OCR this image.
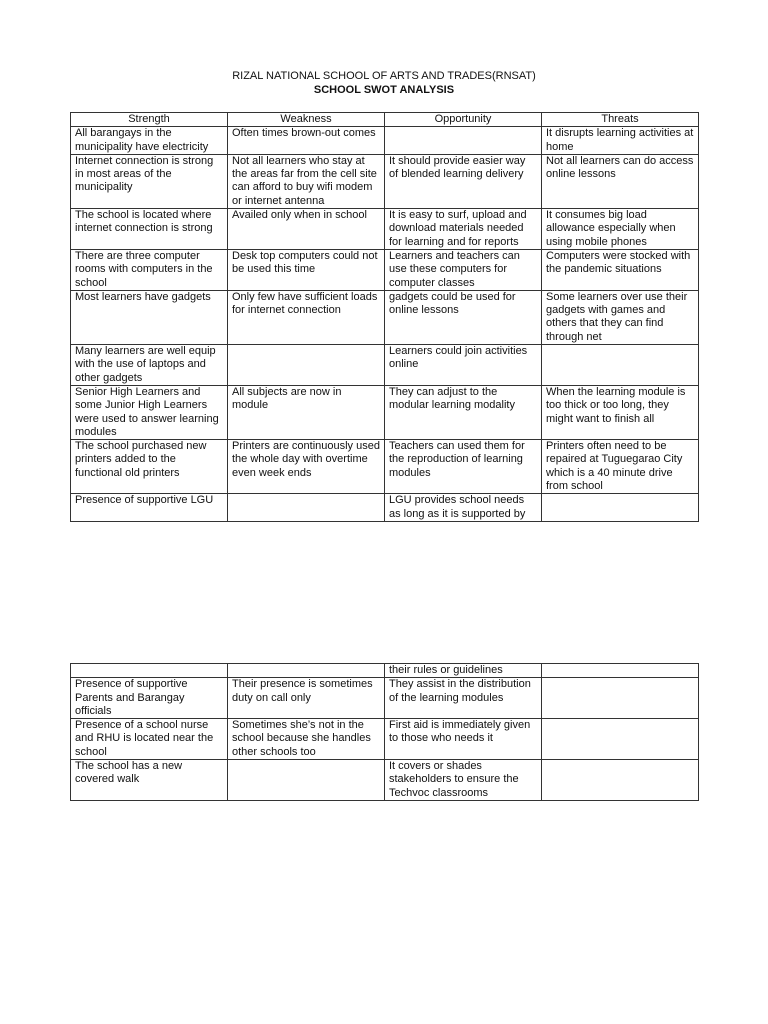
RIZAL NATIONAL SCHOOL OF ARTS AND TRADES(RNSAT)
SCHOOL SWOT ANALYSIS
Strength	Weakness	Opportunity	Threats
All barangays in the municipality have electricity	Often times brown-out comes		It disrupts learning activities at home
Internet connection is strong in most areas of the municipality	Not all learners who stay at the areas far from the cell site can afford to buy wifi modem or internet antenna	It should provide easier way of blended learning delivery	Not all learners can do access online lessons
The school is located where internet connection is strong	Availed only when in school	It is easy to surf, upload and download materials needed for learning and for reports	It consumes big load allowance especially when using mobile phones
There are three computer rooms with computers in the school	Desk top computers could not be used this time	Learners and teachers can use these computers for computer classes	Computers were stocked with the pandemic situations
Most learners have gadgets	Only few have sufficient loads for internet connection	gadgets could be used for online lessons	Some learners over use their gadgets with games and others that they can find through net
Many learners are well equip with the use of laptops and other gadgets		Learners could join activities online	
Senior High Learners and some Junior High Learners were used to answer learning modules	All subjects are now in module	They can adjust to the modular learning modality	When the learning module is too thick or too long, they might want to finish all
The school purchased new printers added to the functional old printers	Printers are continuously used the whole day with overtime even week ends	Teachers can used them for the reproduction of learning modules	Printers often need to be repaired at Tuguegarao City which is a 40 minute drive from school
Presence of supportive LGU		LGU provides school needs as long as it is supported by	
		their rules or guidelines	
Presence of supportive Parents and Barangay officials	Their presence is sometimes duty on call only	They assist in the distribution of the learning modules	
Presence of a school nurse and RHU is located near the school	Sometimes she’s not in the school because she handles other schools too	First aid is immediately given to those who needs it	
The school has a new covered walk		It covers or shades stakeholders to ensure the Techvoc classrooms	
